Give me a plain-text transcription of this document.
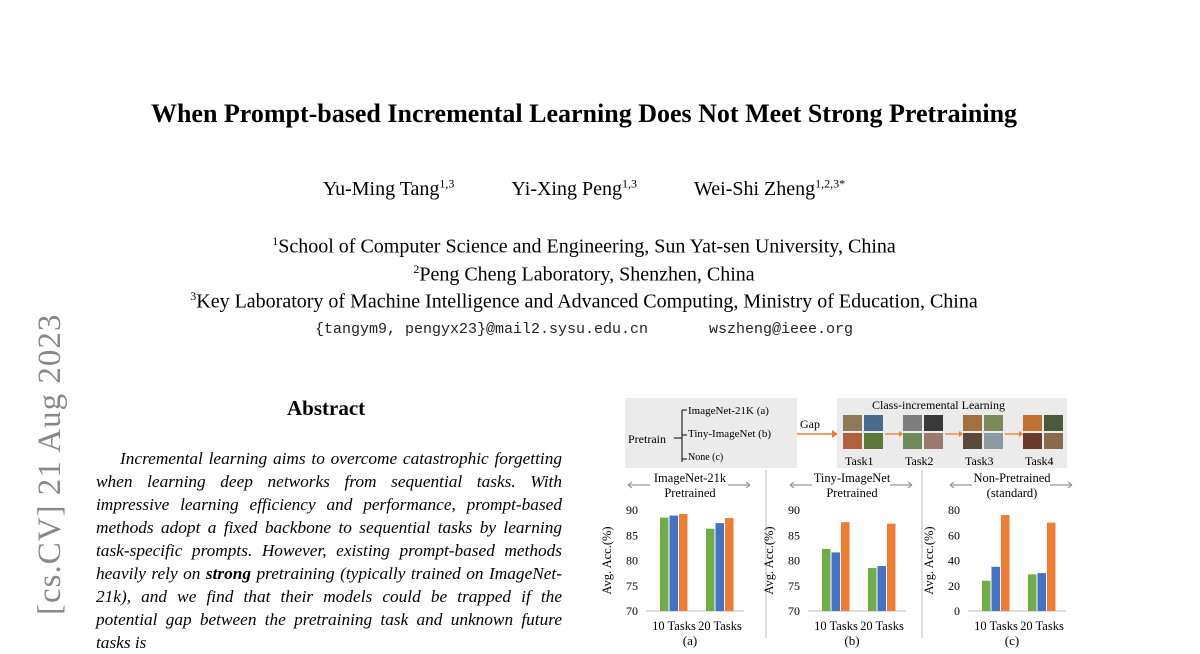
[cs.CV] 21 Aug 2023
When Prompt-based Incremental Learning Does Not Meet Strong Pretraining
Yu-Ming Tang$^{1,3}$	Yi-Xing Peng$^{1,3}$	Wei-Shi Zheng$^{1,2,3*}$
$^1$School of Computer Science and Engineering, Sun Yat-sen University, China
$^2$Peng Cheng Laboratory, Shenzhen, China
$^3$Key Laboratory of Machine Intelligence and Advanced Computing, Ministry of Education, China
{tangym9, pengyx23}@mail2.sysu.edu.cn	wszheng@ieee.org
Abstract

Incremental learning aims to overcome catastrophic forgetting when learning deep networks from sequential tasks. With impressive learning efficiency and performance, prompt-based methods adopt a fixed backbone to sequential tasks by learning task-specific prompts. However, existing prompt-based methods heavily rely on strong pretraining (typically trained on ImageNet-21k), and we find that their models could be trapped if the potential gap between the pretraining task and unknown future tasks is

Pretrain
ImageNet-21K (a)
Tiny-ImageNet (b)
None (c)
Gap
Class-incremental Learning
Task1	Task2	Task3	Task4
ImageNet-21k
Pretrained
70
75
80
85
90
Avg. Acc.(%)
10 Tasks 20 Tasks
(a)
Tiny-ImageNet
Pretrained
70
75
80
85
90
Avg. Acc.(%)
10 Tasks 20 Tasks
(b)
Non-Pretrained
(standard)
0
20
40
60
80
Avg. Acc.(%)
10 Tasks 20 Tasks
(c)
